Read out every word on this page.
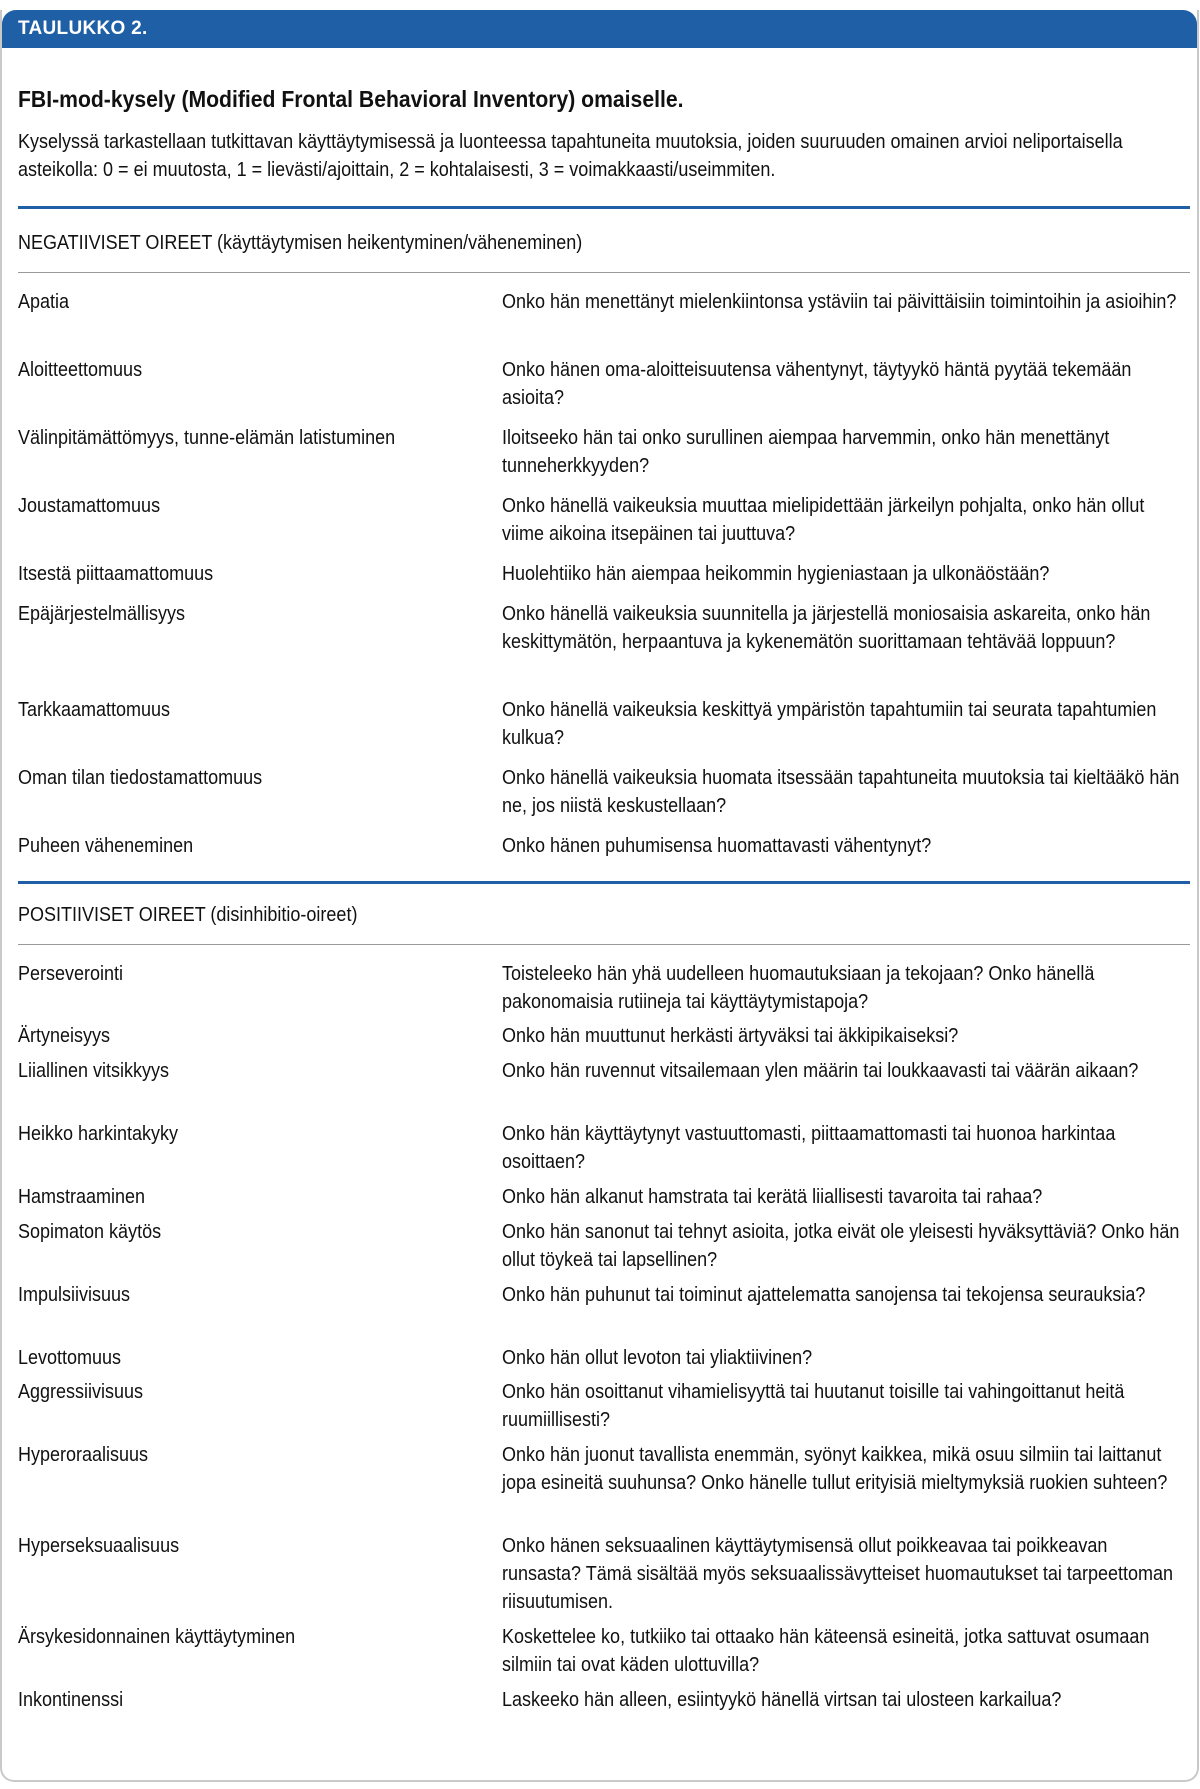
TAULUKKO 2.
FBI-mod-kysely (Modified Frontal Behavioral Inventory) omaiselle.
Kyselyssä tarkastellaan tutkittavan käyttäytymisessä ja luonteessa tapahtuneita muutoksia, joiden suuruuden omainen arvioi neliportaisella asteikolla: 0 = ei muutosta, 1 = lievästi/ajoittain, 2 = kohtalaisesti, 3 = voimakkaasti/useimmiten.
NEGATIIVISET OIREET (käyttäytymisen heikentyminen/väheneminen)
Apatia	Onko hän menettänyt mielenkiintonsa ystäviin tai päivittäisiin toimintoihin ja asioihin?
Aloitteettomuus	Onko hänen oma-aloitteisuutensa vähentynyt, täytyykö häntä pyytää tekemään asioita?
Välinpitämättömyys, tunne-elämän latistuminen	Iloitseeko hän tai onko surullinen aiempaa harvemmin, onko hän menettänyt tunneherkkyyden?
Joustamattomuus	Onko hänellä vaikeuksia muuttaa mielipidettään järkeilyn pohjalta, onko hän ollut viime aikoina itsepäinen tai juuttuva?
Itsestä piittaamattomuus	Huolehtiiko hän aiempaa heikommin hygieniastaan ja ulkonäöstään?
Epäjärjestelmällisyys	Onko hänellä vaikeuksia suunnitella ja järjestellä moniosaisia askareita, onko hän keskittymätön, herpaantuva ja kykenemätön suorittamaan tehtävää loppuun?
Tarkkaamattomuus	Onko hänellä vaikeuksia keskittyä ympäristön tapahtumiin tai seurata tapahtumien kulkua?
Oman tilan tiedostamattomuus	Onko hänellä vaikeuksia huomata itsessään tapahtuneita muutoksia tai kieltääkö hän ne, jos niistä keskustellaan?
Puheen väheneminen	Onko hänen puhumisensa huomattavasti vähentynyt?
POSITIIVISET OIREET (disinhibitio-oireet)
Perseverointi	Toisteleeko hän yhä uudelleen huomautuksiaan ja tekojaan? Onko hänellä pakonomaisia rutiineja tai käyttäytymistapoja?
Ärtyneisyys	Onko hän muuttunut herkästi ärtyväksi tai äkkipikaiseksi?
Liiallinen vitsikkyys	Onko hän ruvennut vitsailemaan ylen määrin tai loukkaavasti tai väärän aikaan?
Heikko harkintakyky	Onko hän käyttäytynyt vastuuttomasti, piittaamattomasti tai huonoa harkintaa osoittaen?
Hamstraaminen	Onko hän alkanut hamstrata tai kerätä liiallisesti tavaroita tai rahaa?
Sopimaton käytös	Onko hän sanonut tai tehnyt asioita, jotka eivät ole yleisesti hyväksyttäviä? Onko hän ollut töykeä tai lapsellinen?
Impulsiivisuus	Onko hän puhunut tai toiminut ajattelematta sanojensa tai tekojensa seurauksia?
Levottomuus	Onko hän ollut levoton tai yliaktiivinen?
Aggressiivisuus	Onko hän osoittanut vihamielisyyttä tai huutanut toisille tai vahingoittanut heitä ruumiillisesti?
Hyperoraalisuus	Onko hän juonut tavallista enemmän, syönyt kaikkea, mikä osuu silmiin tai laittanut jopa esineitä suuhunsa? Onko hänelle tullut erityisiä mieltymyksiä ruokien suhteen?
Hyperseksuaalisuus	Onko hänen seksuaalinen käyttäytymisensä ollut poikkeavaa tai poikkeavan runsasta? Tämä sisältää myös seksuaalissävytteiset huomautukset tai tarpeettoman riisuutumisen.
Ärsykesidonnainen käyttäytyminen	Koskettelee ko, tutkiiko tai ottaako hän käteensä esineitä, jotka sattuvat osumaan silmiin tai ovat käden ulottuvilla?
Inkontinenssi	Laskeeko hän alleen, esiintyykö hänellä virtsan tai ulosteen karkailua?
